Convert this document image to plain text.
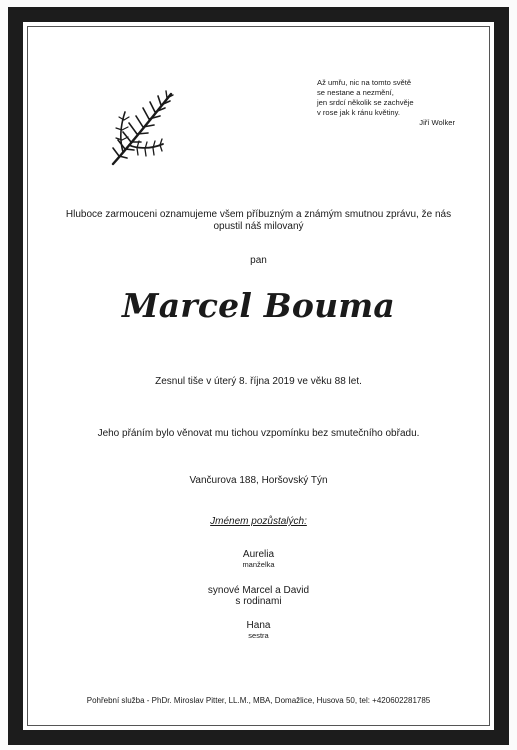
Až umřu, nic na tomto světě
se nestane a nezmění,
jen srdcí několik se zachvěje
v rose jak k ránu květiny.
Jiří Wolker
Hluboce zarmouceni oznamujeme všem příbuzným a známým smutnou zprávu, že nás opustil náš milovaný
pan
Marcel Bouma
Zesnul tiše v úterý 8. října 2019 ve věku 88 let.
Jeho přáním bylo věnovat mu tichou vzpomínku bez smutečního obřadu.
Vančurova 188, Horšovský Týn
Jménem pozůstalých:
Aurelia
manželka
synové Marcel a David
s rodinami
Hana
sestra
Pohřební služba - PhDr. Miroslav Pitter, LL.M., MBA, Domažlice, Husova 50, tel: +420602281785
